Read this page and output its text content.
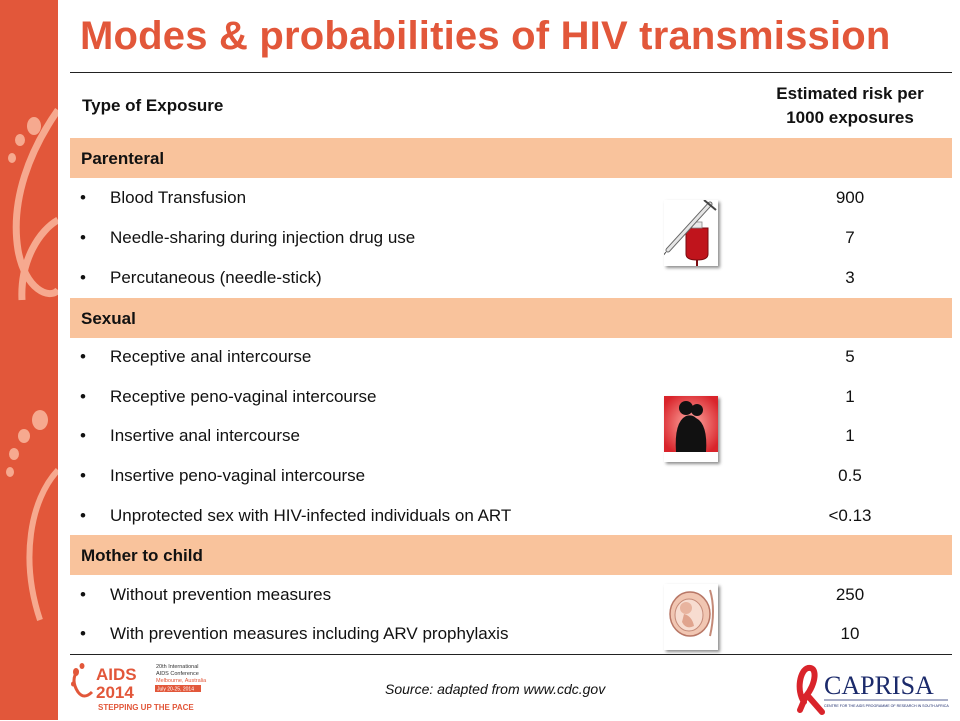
Modes & probabilities of HIV transmission
Type of Exposure
Estimated risk per
1000 exposures
Parenteral
• Blood Transfusion	900
• Needle-sharing during injection drug use	7
• Percutaneous (needle-stick)	3
Sexual
• Receptive anal intercourse	5
• Receptive peno-vaginal intercourse	1
• Insertive anal intercourse	1
• Insertive peno-vaginal intercourse	0.5
• Unprotected sex with HIV-infected individuals on ART	<0.13
Mother to child
• Without prevention measures	250
• With prevention measures including ARV prophylaxis	10
AIDS
2014
20th International
AIDS Conference
Melbourne, Australia
July 20-25, 2014
STEPPING UP THE PACE
Source: adapted from www.cdc.gov	CAPRISA
CENTRE FOR THE AIDS PROGRAMME OF RESEARCH IN SOUTH AFRICA
